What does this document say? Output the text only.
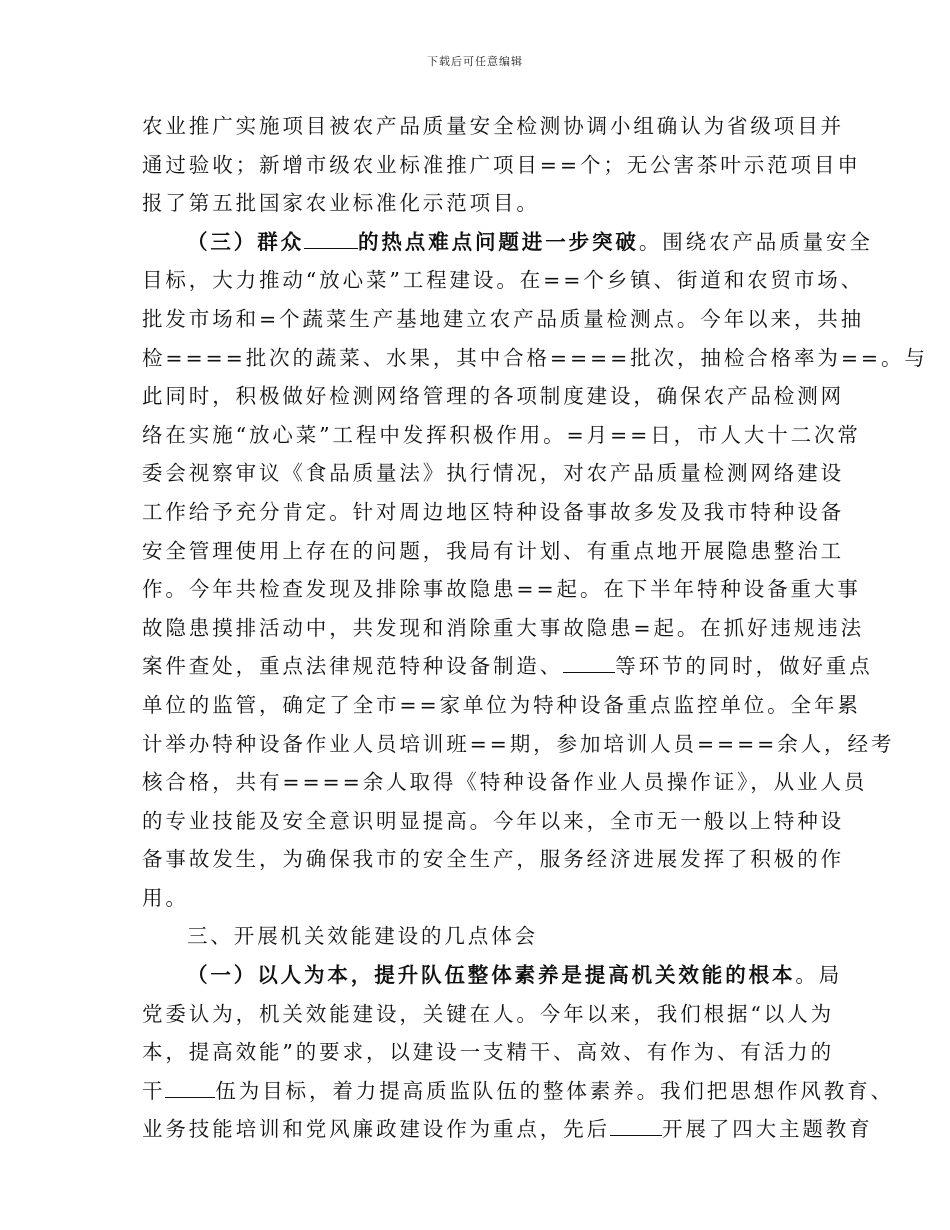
下载后可任意编辑
农业推广实施项目被农产品质量安全检测协调小组确认为省级项目并
通过验收；新增市级农业标准推广项目==个；无公害茶叶示范项目申
报了第五批国家农业标准化示范项目。
（三）群众	的热点难点问题进一步突破。围绕农产品质量安全
目标，大力推动“放心菜”工程建设。在==个乡镇、街道和农贸市场、
批发市场和=个蔬菜生产基地建立农产品质量检测点。今年以来，共抽
检====批次的蔬菜、水果，其中合格====批次，抽检合格率为==。与
此同时，积极做好检测网络管理的各项制度建设，确保农产品检测网
络在实施“放心菜”工程中发挥积极作用。=月==日，市人大十二次常
委会视察审议《食品质量法》执行情况，对农产品质量检测网络建设
工作给予充分肯定。针对周边地区特种设备事故多发及我市特种设备
安全管理使用上存在的问题，我局有计划、有重点地开展隐患整治工
作。今年共检查发现及排除事故隐患==起。在下半年特种设备重大事
故隐患摸排活动中，共发现和消除重大事故隐患=起。在抓好违规违法
案件查处，重点法律规范特种设备制造、	等环节的同时，做好重点
单位的监管，确定了全市==家单位为特种设备重点监控单位。全年累
计举办特种设备作业人员培训班==期，参加培训人员====余人，经考
核合格，共有====余人取得《特种设备作业人员操作证》，从业人员
的专业技能及安全意识明显提高。今年以来，全市无一般以上特种设
备事故发生，为确保我市的安全生产，服务经济进展发挥了积极的作
用。
三、开展机关效能建设的几点体会
（一）以人为本，提升队伍整体素养是提高机关效能的根本。局
党委认为，机关效能建设，关键在人。今年以来，我们根据“以人为
本，提高效能”的要求，以建设一支精干、高效、有作为、有活力的
干 伍为目标，着力提高质监队伍的整体素养。我们把思想作风教育、
业务技能培训和党风廉政建设作为重点，先后	开展了四大主题教育
